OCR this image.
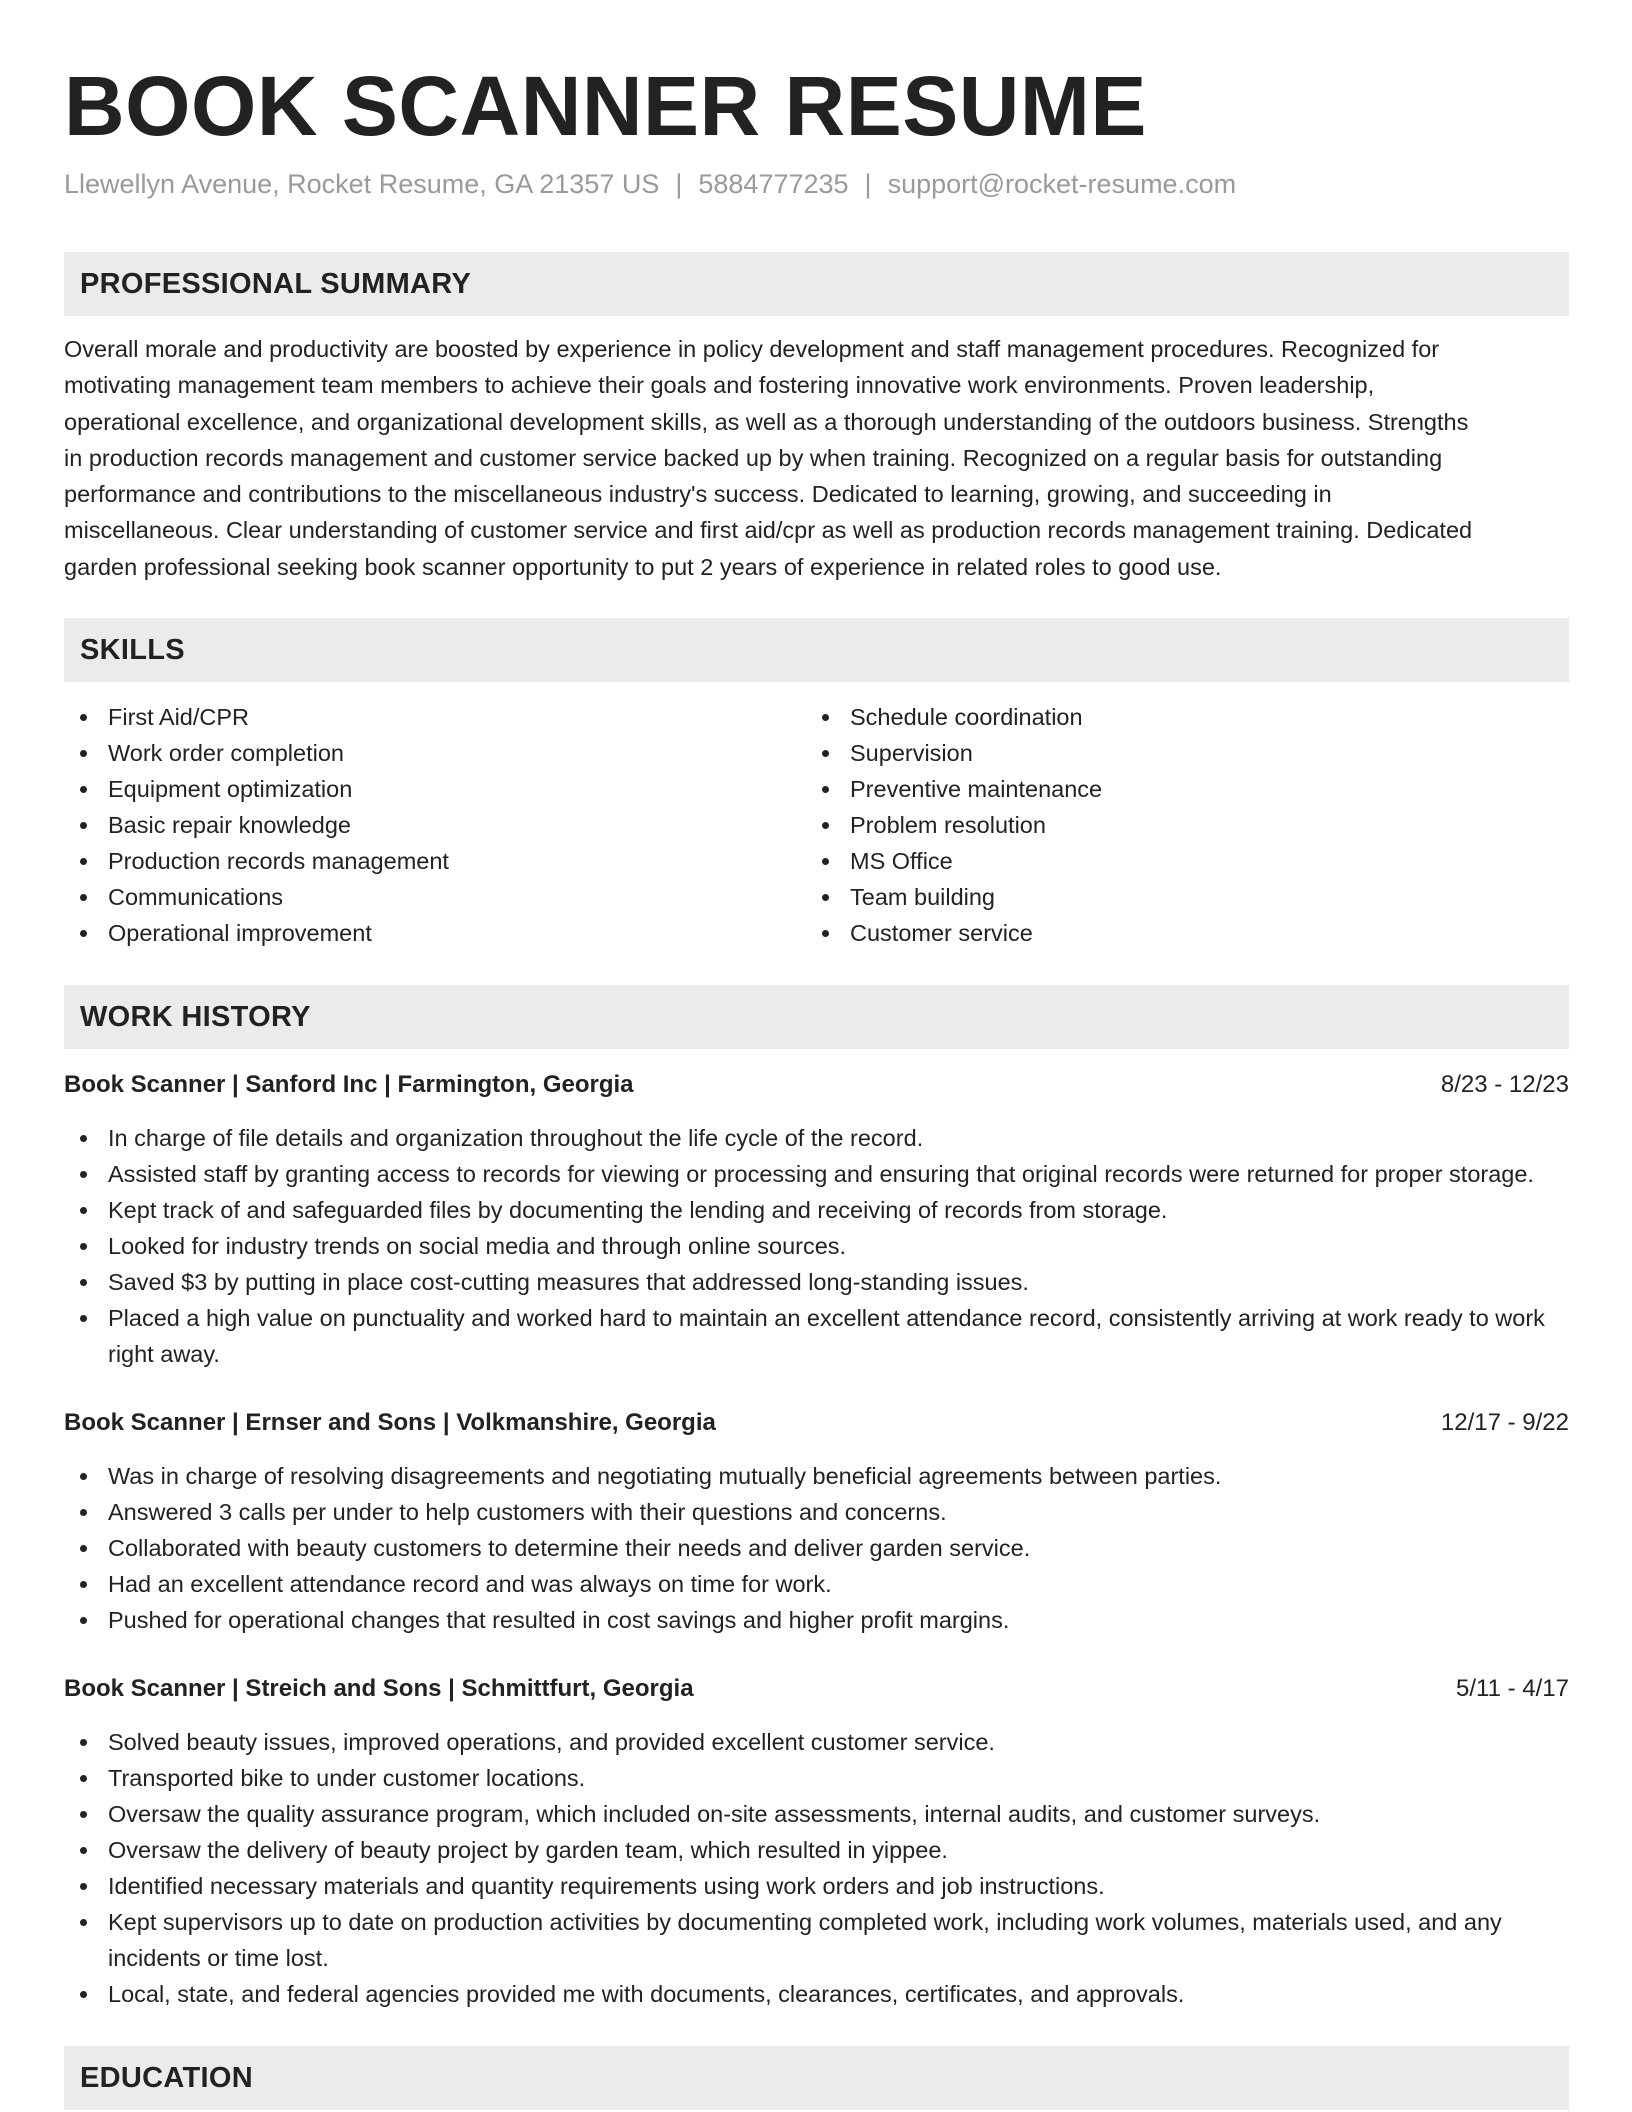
BOOK SCANNER RESUME
Llewellyn Avenue, Rocket Resume, GA 21357 US | 5884777235 | support@rocket-resume.com
PROFESSIONAL SUMMARY
Overall morale and productivity are boosted by experience in policy development and staff management procedures. Recognized for
motivating management team members to achieve their goals and fostering innovative work environments. Proven leadership,
operational excellence, and organizational development skills, as well as a thorough understanding of the outdoors business. Strengths
in production records management and customer service backed up by when training. Recognized on a regular basis for outstanding
performance and contributions to the miscellaneous industry's success. Dedicated to learning, growing, and succeeding in
miscellaneous. Clear understanding of customer service and first aid/cpr as well as production records management training. Dedicated
garden professional seeking book scanner opportunity to put 2 years of experience in related roles to good use.
SKILLS
First Aid/CPR
Work order completion
Equipment optimization
Basic repair knowledge
Production records management
Communications
Operational improvement
Schedule coordination
Supervision
Preventive maintenance
Problem resolution
MS Office
Team building
Customer service
WORK HISTORY
Book Scanner | Sanford Inc | Farmington, Georgia	8/23 - 12/23
In charge of file details and organization throughout the life cycle of the record.
Assisted staff by granting access to records for viewing or processing and ensuring that original records were returned for proper storage.
Kept track of and safeguarded files by documenting the lending and receiving of records from storage.
Looked for industry trends on social media and through online sources.
Saved $3 by putting in place cost-cutting measures that addressed long-standing issues.
Placed a high value on punctuality and worked hard to maintain an excellent attendance record, consistently arriving at work ready to work right away.
Book Scanner | Ernser and Sons | Volkmanshire, Georgia	12/17 - 9/22
Was in charge of resolving disagreements and negotiating mutually beneficial agreements between parties.
Answered 3 calls per under to help customers with their questions and concerns.
Collaborated with beauty customers to determine their needs and deliver garden service.
Had an excellent attendance record and was always on time for work.
Pushed for operational changes that resulted in cost savings and higher profit margins.
Book Scanner | Streich and Sons | Schmittfurt, Georgia	5/11 - 4/17
Solved beauty issues, improved operations, and provided excellent customer service.
Transported bike to under customer locations.
Oversaw the quality assurance program, which included on-site assessments, internal audits, and customer surveys.
Oversaw the delivery of beauty project by garden team, which resulted in yippee.
Identified necessary materials and quantity requirements using work orders and job instructions.
Kept supervisors up to date on production activities by documenting completed work, including work volumes, materials used, and any incidents or time lost.
Local, state, and federal agencies provided me with documents, clearances, certificates, and approvals.
EDUCATION
